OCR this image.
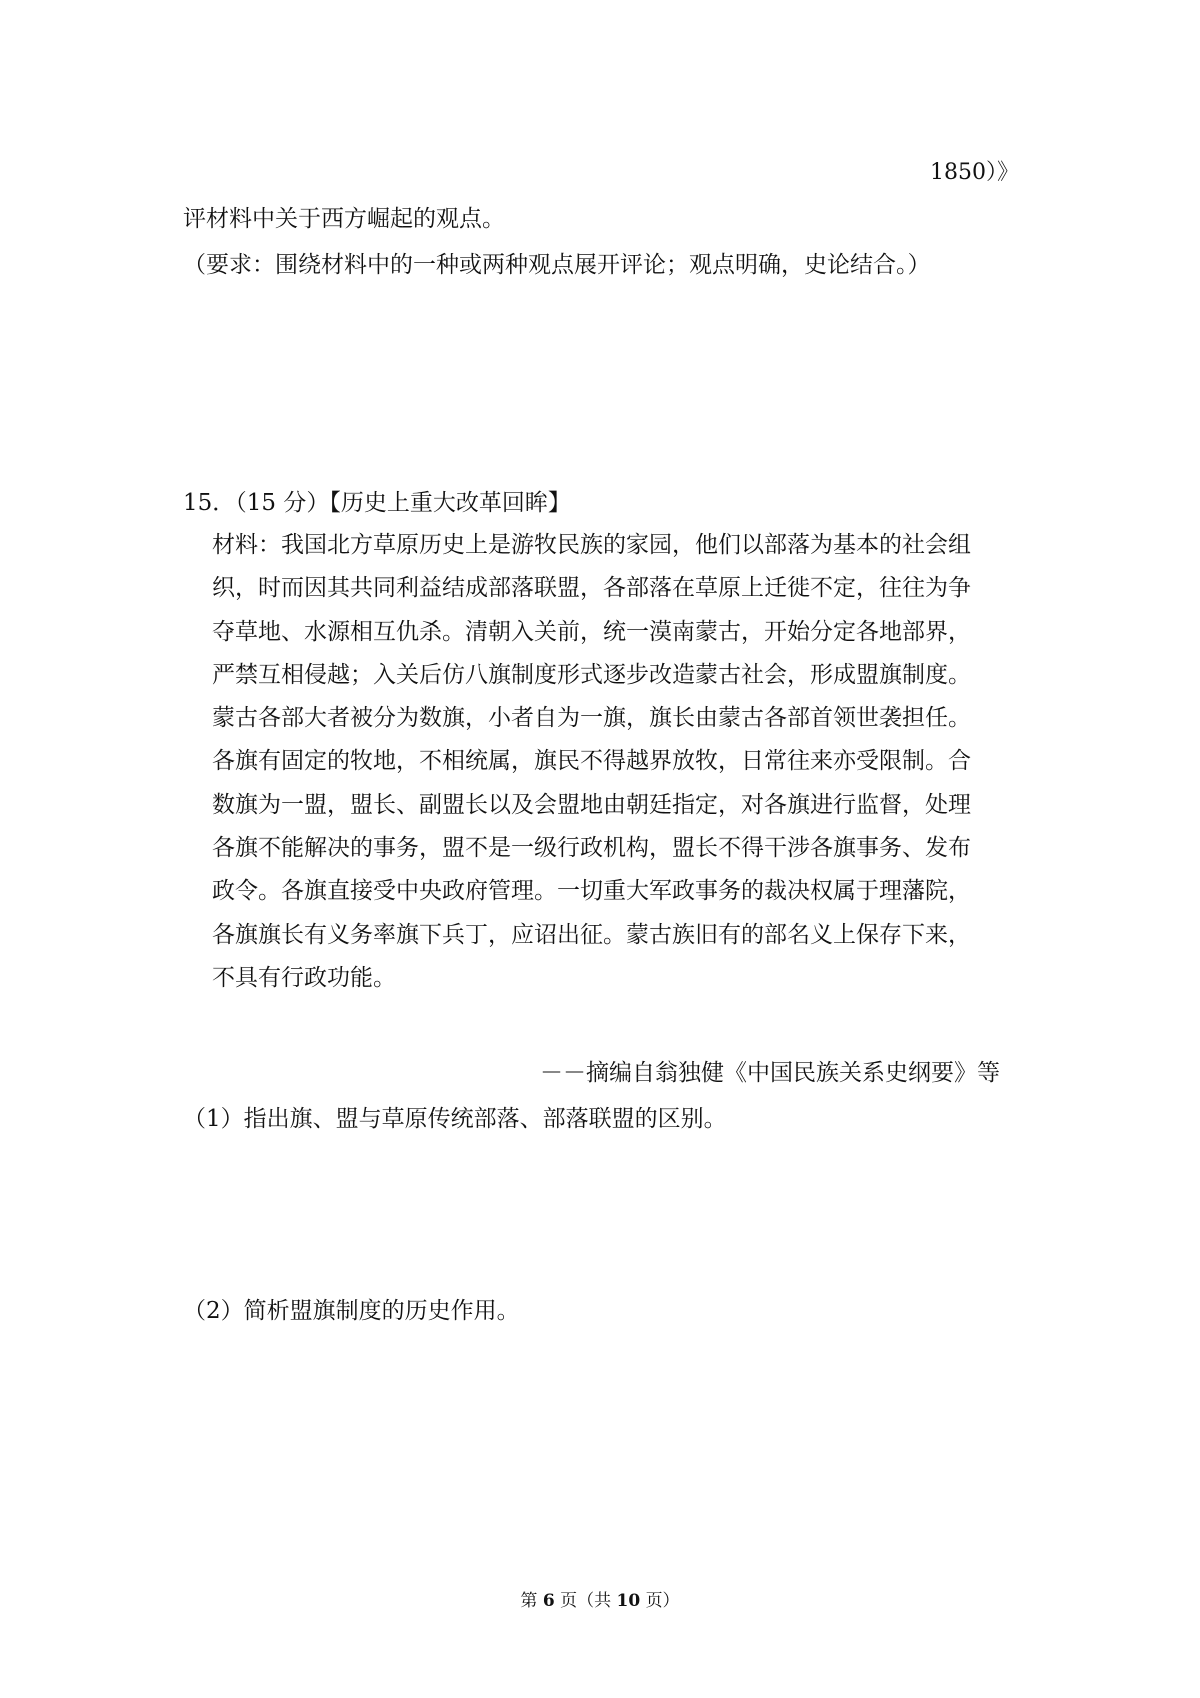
1850）》
评材料中关于西方崛起的观点。
（要求：围绕材料中的一种或两种观点展开评论；观点明确，史论结合。）
15．（15 分）【历史上重大改革回眸】
材料：我国北方草原历史上是游牧民族的家园，他们以部落为基本的社会组
织，时而因其共同利益结成部落联盟，各部落在草原上迁徙不定，往往为争
夺草地、水源相互仇杀。清朝入关前，统一漠南蒙古，开始分定各地部界，
严禁互相侵越；入关后仿八旗制度形式逐步改造蒙古社会，形成盟旗制度。
蒙古各部大者被分为数旗，小者自为一旗，旗长由蒙古各部首领世袭担任。
各旗有固定的牧地，不相统属，旗民不得越界放牧，日常往来亦受限制。合
数旗为一盟，盟长、副盟长以及会盟地由朝廷指定，对各旗进行监督，处理
各旗不能解决的事务，盟不是一级行政机构，盟长不得干涉各旗事务、发布
政令。各旗直接受中央政府管理。一切重大军政事务的裁决权属于理藩院，
各旗旗长有义务率旗下兵丁，应诏出征。蒙古族旧有的部名义上保存下来，
不具有行政功能。
－－摘编自翁独健《中国民族关系史纲要》等
（1）指出旗、盟与草原传统部落、部落联盟的区别。
（2）简析盟旗制度的历史作用。
第 6 页（共 10 页）
